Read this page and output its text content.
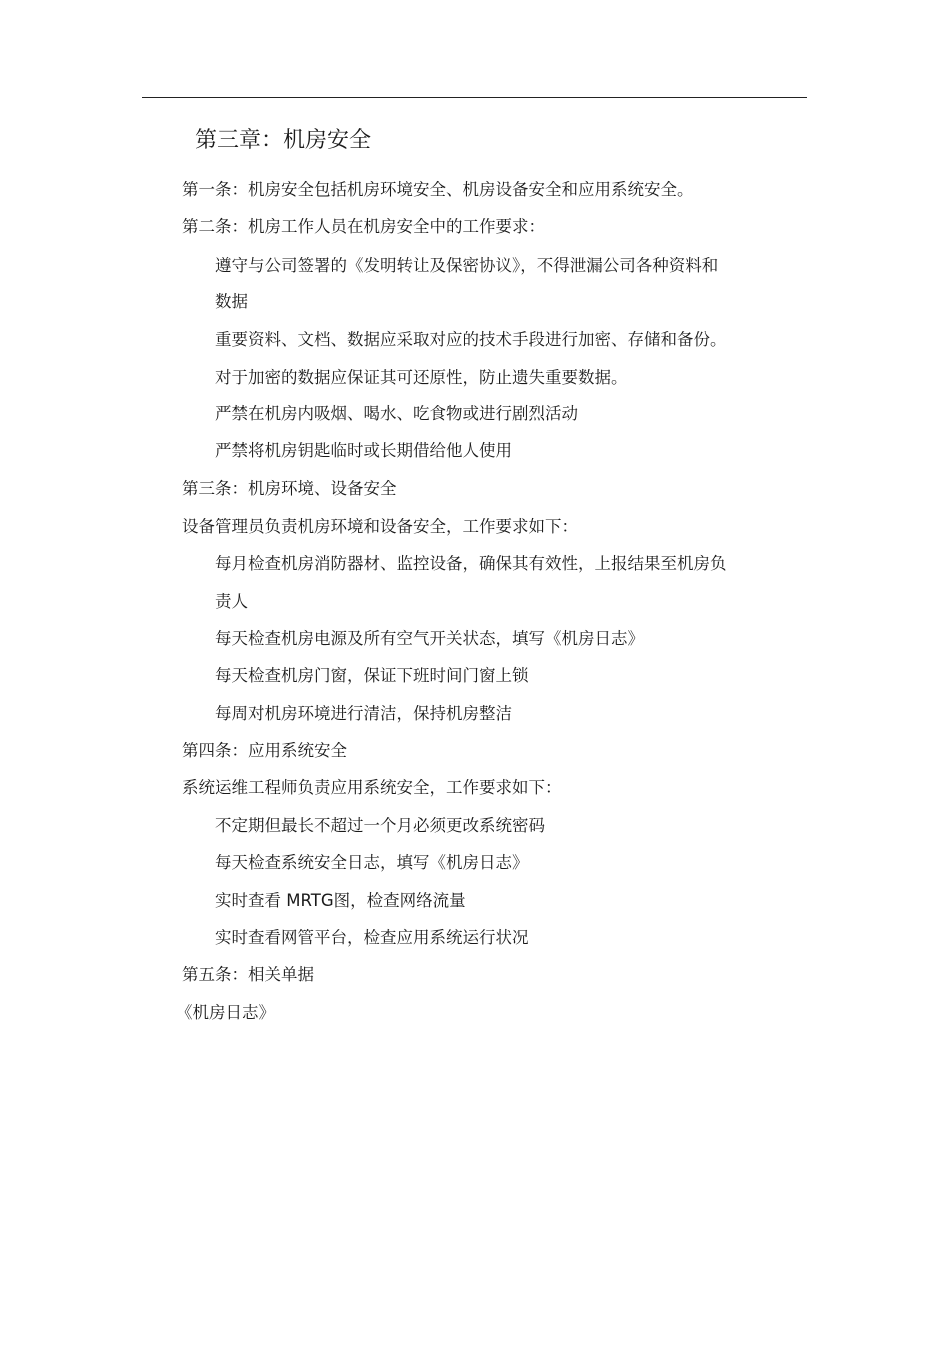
第三章：机房安全
第一条：机房安全包括机房环境安全、机房设备安全和应用系统安全。
第二条：机房工作人员在机房安全中的工作要求：
遵守与公司签署的《发明转让及保密协议》，不得泄漏公司各种资料和
数据
重要资料、文档、数据应采取对应的技术手段进行加密、存储和备份。
对于加密的数据应保证其可还原性，防止遗失重要数据。
严禁在机房内吸烟、喝水、吃食物或进行剧烈活动
严禁将机房钥匙临时或长期借给他人使用
第三条：机房环境、设备安全
设备管理员负责机房环境和设备安全，工作要求如下：
每月检查机房消防器材、监控设备，确保其有效性，上报结果至机房负
责人
每天检查机房电源及所有空气开关状态，填写《机房日志》
每天检查机房门窗，保证下班时间门窗上锁
每周对机房环境进行清洁，保持机房整洁
第四条：应用系统安全
系统运维工程师负责应用系统安全，工作要求如下：
不定期但最长不超过一个月必须更改系统密码
每天检查系统安全日志，填写《机房日志》
实时查看 MRTG图，检查网络流量
实时查看网管平台，检查应用系统运行状况
第五条：相关单据
《机房日志》
